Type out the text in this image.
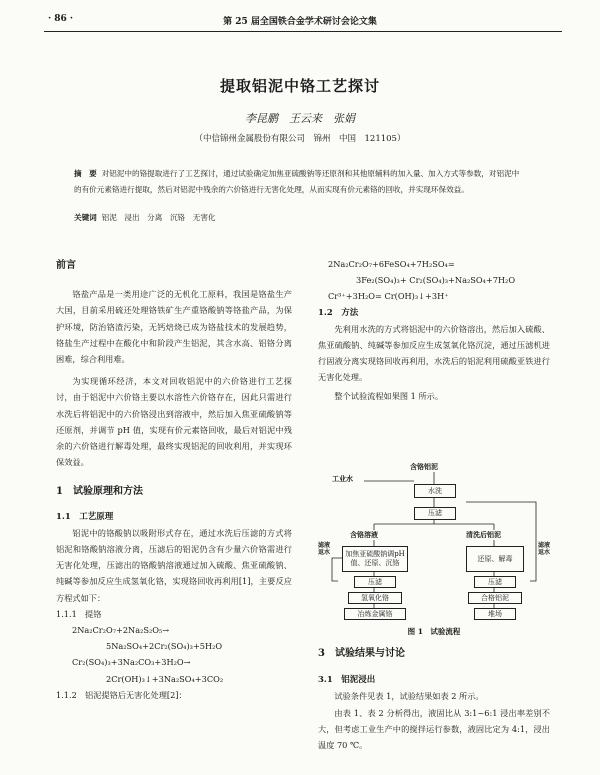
· 86 ·	第 25 届全国铁合金学术研讨会论文集
提取铝泥中铬工艺探讨
李昆鹏　王云来　张娟
（中信锦州金属股份有限公司　锦州　中国　121105）
摘　要 对铝泥中的铬提取进行了工艺探讨，通过试验确定加焦亚硫酸钠等还原剂和其他原辅料的加入量、加入方式等参数，对铝泥中的有价元素铬进行提取，然后对铝泥中残余的六价铬进行无害化处理，从而实现有价元素铬的回收，并实现环保效益。
关键词 铝泥　浸出　分离　沉铬　无害化
前言

铬盐产品是一类用途广泛的无机化工原料，我国是铬盐生产大国，目前采用硫还处理铬铁矿生产重铬酸钠等铬盐产品，为保护环境，防治铬渣污染，无钙焙烧已成为铬盐技术的发展趋势，铬盐生产过程中在酸化中和阶段产生铝泥，其含水高、铝铬分离困难，综合利用难。

为实现循环经济，本文对回收铝泥中的六价铬进行工艺探讨，由于铝泥中六价铬主要以水溶性六价铬存在，因此只需进行水洗后将铝泥中的六价铬浸出到溶液中，然后加入焦亚硫酸钠等还原剂，并调节 pH 值，实现有价元素铬回收，最后对铝泥中残余的六价铬进行解毒处理，最终实现铝泥的回收利用，并实现环保效益。

1　试验原理和方法
1.1　工艺原理

铝泥中的铬酸钠以吸附形式存在，通过水洗后压滤的方式将铝泥和铬酸钠溶液分离，压滤后的铝泥仍含有少量六价铬需进行无害化处理，压滤出的铬酸钠溶液通过加入硫酸、焦亚硫酸钠、纯碱等参加反应生成氢氧化铬，实现铬回收再利用[1]，主要反应方程式如下：

1.1.1　提铬
2Na₂Cr₂O₇+2Na₂S₂O₅→
5Na₂SO₄+2Cr₂(SO₄)₃+5H₂O
Cr₂(SO₄)₃+3Na₂CO₃+3H₂O→
2Cr(OH)₃↓+3Na₂SO₄+3CO₂
1.1.2　铝泥提铬后无害化处理[2]：
2Na₂Cr₂O₇+6FeSO₄+7H₂SO₄=
3Fe₂(SO₄)₃+ Cr₂(SO₄)₃+Na₂SO₄+7H₂O
Cr³⁺+3H₂O= Cr(OH)₃↓+3H⁺
1.2　方法

先利用水洗的方式将铝泥中的六价铬溶出，然后加入硫酸、焦亚硫酸钠、纯碱等参加反应生成氢氧化铬沉淀，通过压滤机进行固液分离实现铬回收再利用，水洗后的铝泥利用硫酸亚铁进行无害化处理。

整个试验流程如果图 1 所示。

含铬铝泥
工业水
水洗
压滤
含铬溶液	清洗后铝泥
加焦亚硫酸钠调pH值、还原、沉铬
还原、解毒
滤液返水
滤液返水
压滤	压滤
氢氧化铬	合格铝泥
冶炼金属铬	堆场
图 1　试验流程
3　试验结果与讨论
3.1　铝泥浸出

试验条件见表 1，试验结果如表 2 所示。

由表 1、表 2 分析得出，液固比从 3:1~6:1 浸出率差别不大，但考虑工业生产中的搅拌运行参数，液固比定为 4:1，浸出温度 70 ℃。
